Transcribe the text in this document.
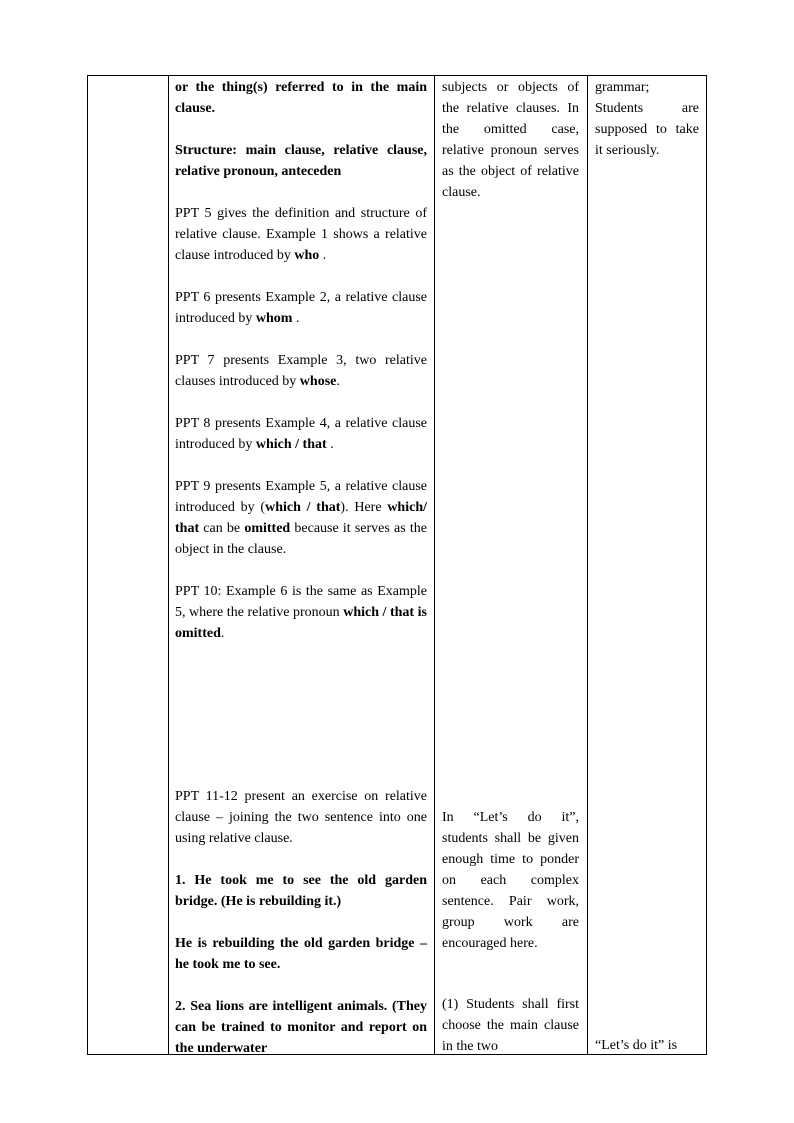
or the thing(s) referred to in the main clause.

Structure: main clause, relative clause, relative pronoun, anteceden

PPT 5 gives the definition and structure of relative clause. Example 1 shows a relative clause introduced by who .

PPT 6 presents Example 2, a relative clause introduced by whom .

PPT 7 presents Example 3, two relative clauses introduced by whose.

PPT 8 presents Example 4, a relative clause introduced by which / that .

PPT 9 presents Example 5, a relative clause introduced by (which / that). Here which/ that can be omitted because it serves as the object in the clause.

PPT 10: Example 6 is the same as Example 5, where the relative pronoun which / that is omitted.

PPT 11-12 present an exercise on relative clause – joining the two sentence into one using relative clause.

1. He took me to see the old garden bridge. (He is rebuilding it.)

He is rebuilding the old garden bridge – he took me to see.

2. Sea lions are intelligent animals. (They can be trained to monitor and report on the underwater

subjects or objects of the relative clauses. In the omitted case, relative pronoun serves as the object of relative clause.

In “Let’s do it”, students shall be given enough time to ponder on each complex sentence. Pair work, group work are encouraged here.

(1) Students shall first choose the main clause in the two

grammar; Students are supposed to take it seriously.

“Let’s do it” is
